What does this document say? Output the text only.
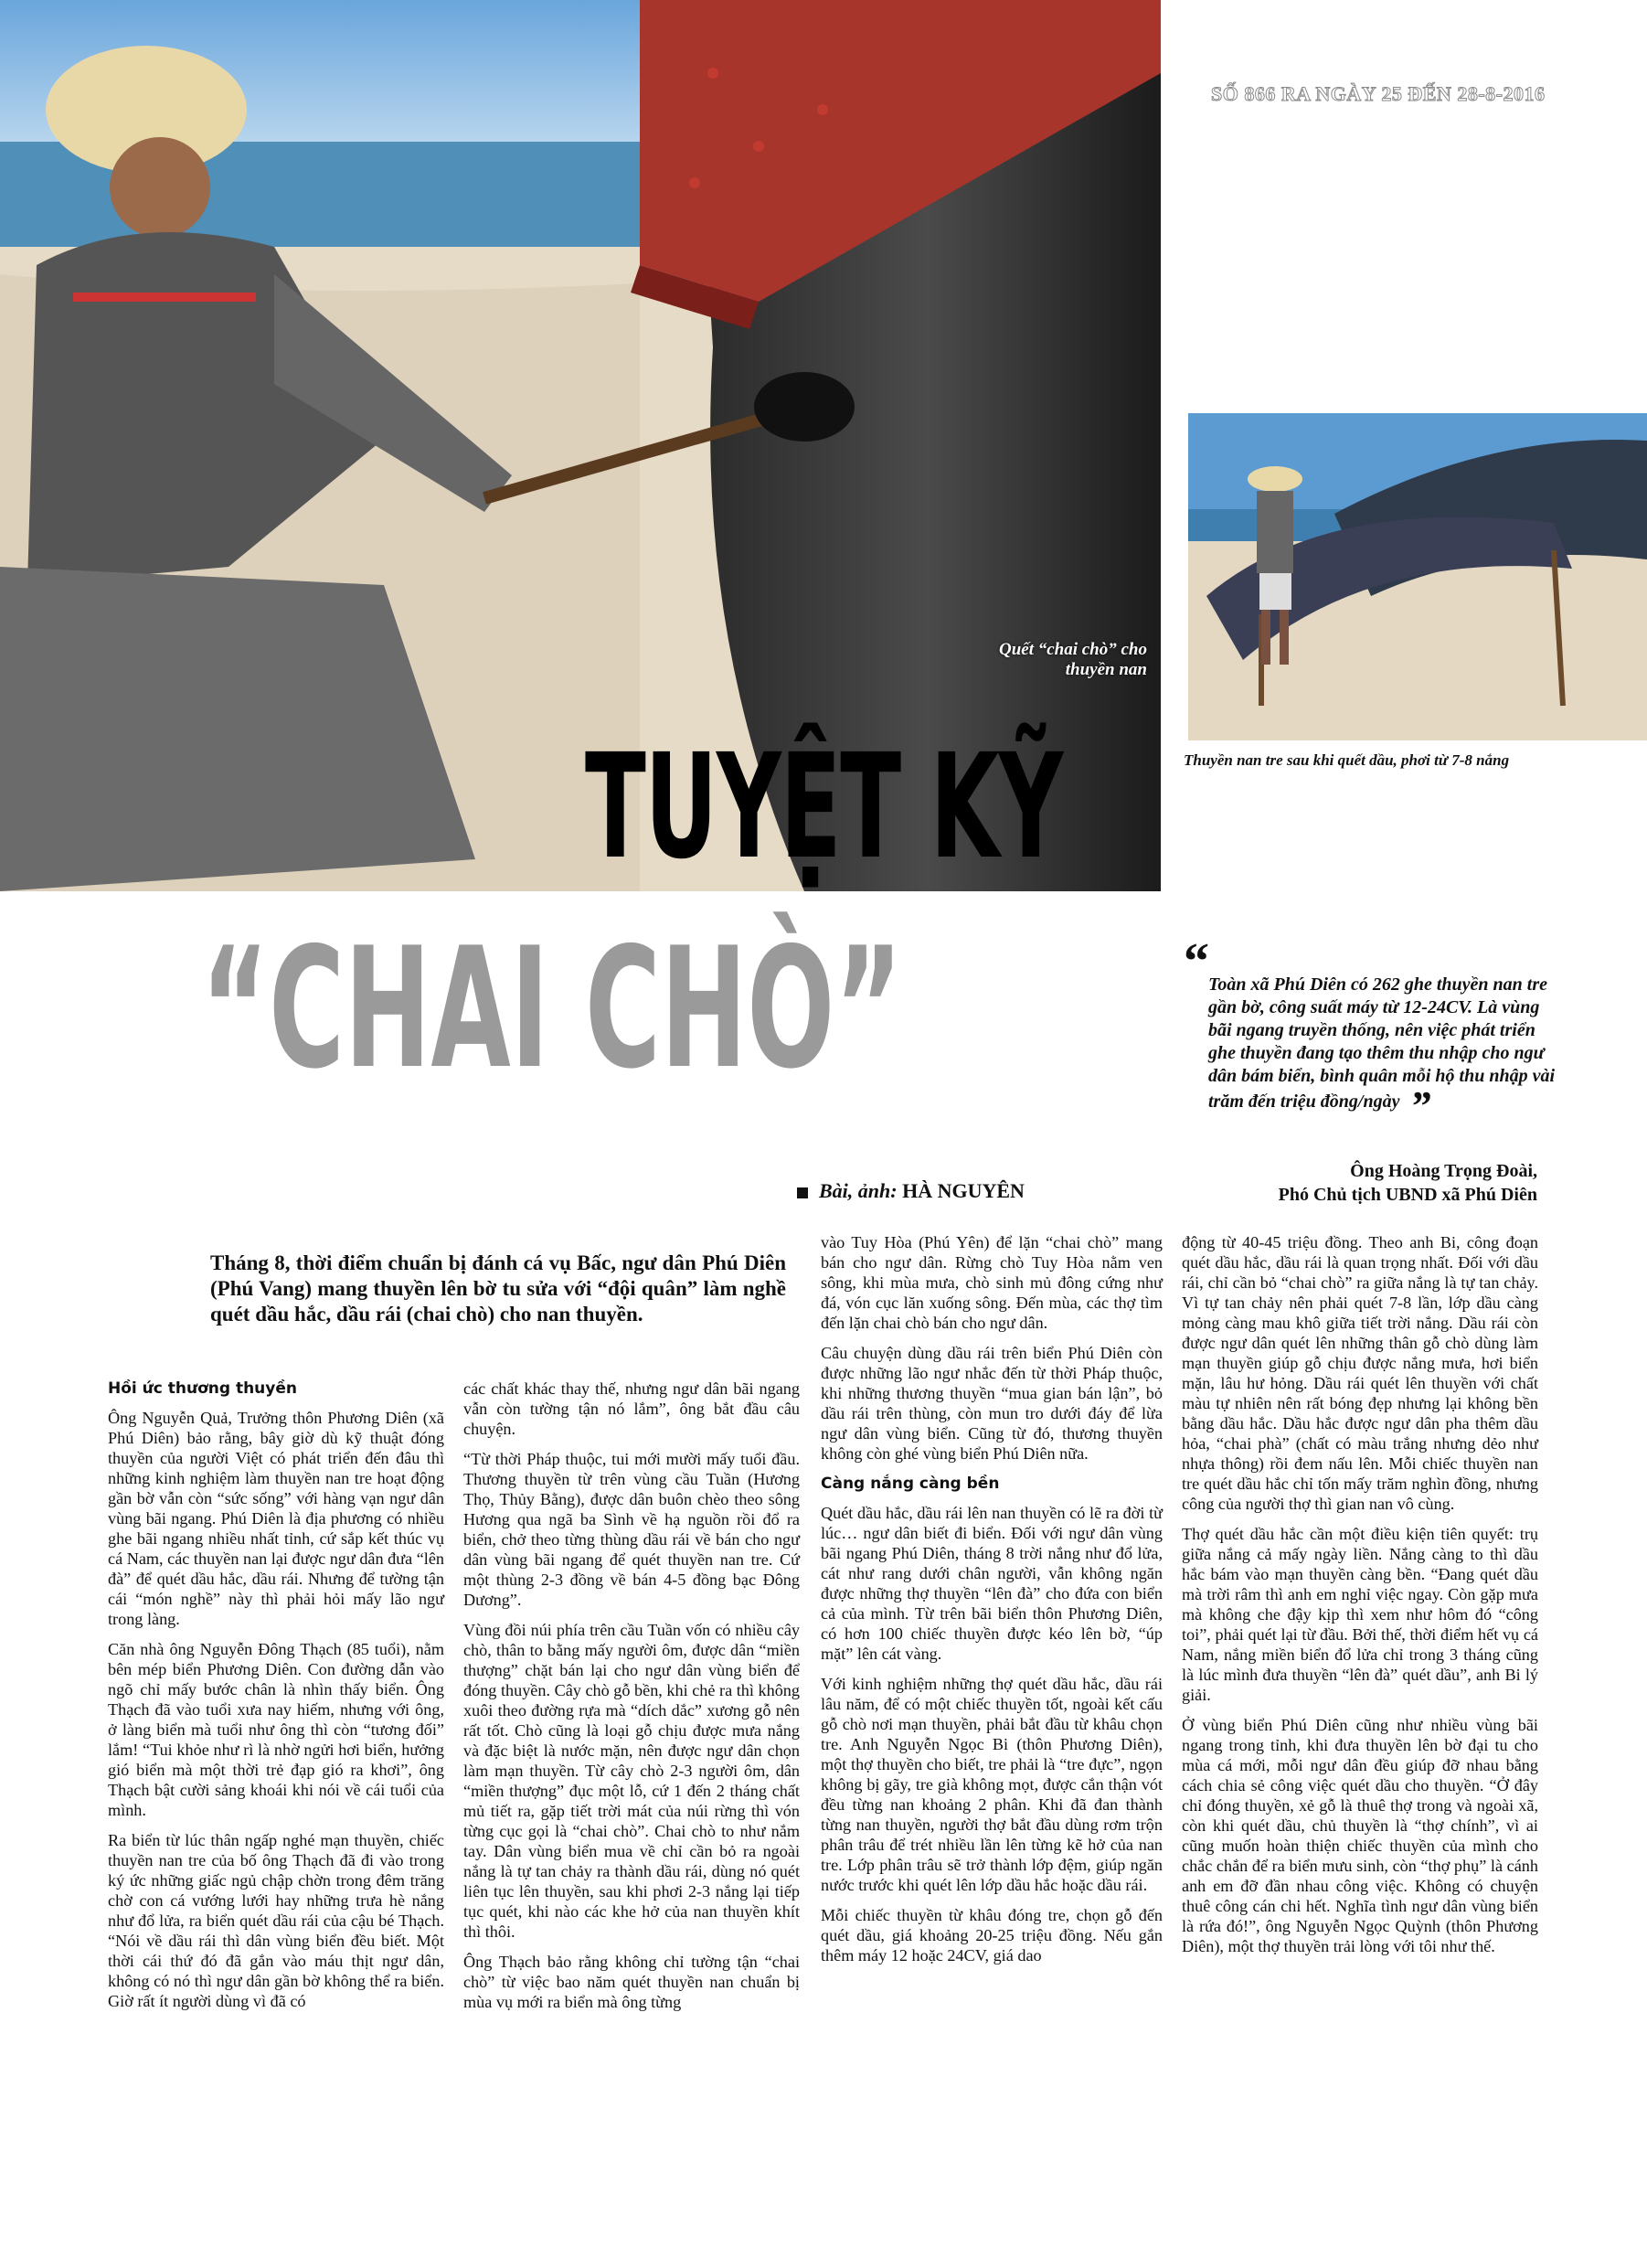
SỐ 866 RA NGÀY 25 ĐẾN 28-8-2016
Quết “chai chò” cho thuyền nan
Thuyền nan tre sau khi quết dầu, phơi từ 7-8 nắng
TUYỆT KỸ
“CHAI CHÒ”	“ Toàn xã Phú Diên có 262 ghe thuyền nan tre gần bờ, công suất máy từ 12-24CV. Là vùng bãi ngang truyền thống, nên việc phát triển ghe thuyền đang tạo thêm thu nhập cho ngư dân bám biển, bình quân mỗi hộ thu nhập vài trăm đến triệu đồng/ngày ”
Ông Hoàng Trọng Đoài,
Phó Chủ tịch UBND xã Phú Diên
Bài, ảnh: HÀ NGUYÊN
Tháng 8, thời điểm chuẩn bị đánh cá vụ Bấc, ngư dân Phú Diên (Phú Vang) mang thuyền lên bờ tu sửa với “đội quân” làm nghề quét dầu hắc, dầu rái (chai chò) cho nan thuyền.
Hồi ức thương thuyền

Ông Nguyễn Quả, Trưởng thôn Phương Diên (xã Phú Diên) bảo rằng, bây giờ dù kỹ thuật đóng thuyền của người Việt có phát triển đến đâu thì những kinh nghiệm làm thuyền nan tre hoạt động gần bờ vẫn còn “sức sống” với hàng vạn ngư dân vùng bãi ngang. Phú Diên là địa phương có nhiều ghe bãi ngang nhiều nhất tỉnh, cứ sắp kết thúc vụ cá Nam, các thuyền nan lại được ngư dân đưa “lên đà” để quét dầu hắc, dầu rái. Nhưng để tường tận cái “món nghề” này thì phải hỏi mấy lão ngư trong làng.

Căn nhà ông Nguyễn Đông Thạch (85 tuổi), nằm bên mép biển Phương Diên. Con đường dẫn vào ngõ chỉ mấy bước chân là nhìn thấy biển. Ông Thạch đã vào tuổi xưa nay hiếm, nhưng với ông, ở làng biển mà tuổi như ông thì còn “tương đối” lắm! “Tui khỏe như rì là nhờ ngửi hơi biển, hưởng gió biển mà một thời trẻ đạp gió ra khơi”, ông Thạch bật cười sảng khoái khi nói về cái tuổi của mình.

Ra biển từ lúc thân ngấp nghé mạn thuyền, chiếc thuyền nan tre của bố ông Thạch đã đi vào trong ký ức những giấc ngủ chập chờn trong đêm trăng chờ con cá vướng lưới hay những trưa hè nắng như đổ lửa, ra biển quét dầu rái của cậu bé Thạch. “Nói về dầu rái thì dân vùng biển đều biết. Một thời cái thứ đó đã gắn vào máu thịt ngư dân, không có nó thì ngư dân gần bờ không thể ra biển. Giờ rất ít người dùng vì đã có

các chất khác thay thế, nhưng ngư dân bãi ngang vẫn còn tường tận nó lắm”, ông bắt đầu câu chuyện.

“Từ thời Pháp thuộc, tui mới mười mấy tuổi đầu. Thương thuyền từ trên vùng cầu Tuần (Hương Thọ, Thủy Bằng), được dân buôn chèo theo sông Hương qua ngã ba Sình về hạ nguồn rồi đổ ra biển, chở theo từng thùng dầu rái về bán cho ngư dân vùng bãi ngang để quét thuyền nan tre. Cứ một thùng 2-3 đồng về bán 4-5 đồng bạc Đông Dương”.

Vùng đồi núi phía trên cầu Tuần vốn có nhiều cây chò, thân to bằng mấy người ôm, được dân “miền thượng” chặt bán lại cho ngư dân vùng biển để đóng thuyền. Cây chò gỗ bền, khi chẻ ra thì không xuôi theo đường rựa mà “dích dắc” xương gỗ nên rất tốt. Chò cũng là loại gỗ chịu được mưa nắng và đặc biệt là nước mặn, nên được ngư dân chọn làm mạn thuyền. Từ cây chò 2-3 người ôm, dân “miền thượng” đục một lỗ, cứ 1 đến 2 tháng chất mủ tiết ra, gặp tiết trời mát của núi rừng thì vón từng cục gọi là “chai chò”. Chai chò to như nắm tay. Dân vùng biển mua về chỉ cần bỏ ra ngoài nắng là tự tan chảy ra thành dầu rái, dùng nó quét liên tục lên thuyền, sau khi phơi 2-3 nắng lại tiếp tục quét, khi nào các khe hở của nan thuyền khít thì thôi.

Ông Thạch bảo rằng không chỉ tường tận “chai chò” từ việc bao năm quét thuyền nan chuẩn bị mùa vụ mới ra biển mà ông từng

vào Tuy Hòa (Phú Yên) để lặn “chai chò” mang bán cho ngư dân. Rừng chò Tuy Hòa nằm ven sông, khi mùa mưa, chò sinh mủ đông cứng như đá, vón cục lăn xuống sông. Đến mùa, các thợ tìm đến lặn chai chò bán cho ngư dân.

Câu chuyện dùng dầu rái trên biển Phú Diên còn được những lão ngư nhắc đến từ thời Pháp thuộc, khi những thương thuyền “mua gian bán lận”, bỏ dầu rái trên thùng, còn mun tro dưới đáy để lừa ngư dân vùng biển. Cũng từ đó, thương thuyền không còn ghé vùng biển Phú Diên nữa.

Càng nắng càng bền

Quét dầu hắc, dầu rái lên nan thuyền có lẽ ra đời từ lúc… ngư dân biết đi biển. Đối với ngư dân vùng bãi ngang Phú Diên, tháng 8 trời nắng như đổ lửa, cát như rang dưới chân người, vẫn không ngăn được những thợ thuyền “lên đà” cho đứa con biển cả của mình. Từ trên bãi biển thôn Phương Diên, có hơn 100 chiếc thuyền được kéo lên bờ, “úp mặt” lên cát vàng.

Với kinh nghiệm những thợ quét dầu hắc, dầu rái lâu năm, để có một chiếc thuyền tốt, ngoài kết cấu gỗ chò nơi mạn thuyền, phải bắt đầu từ khâu chọn tre. Anh Nguyễn Ngọc Bi (thôn Phương Diên), một thợ thuyền cho biết, tre phải là “tre đực”, ngọn không bị gãy, tre già không mọt, được cắn thận vót đều từng nan khoảng 2 phân. Khi đã đan thành từng nan thuyền, người thợ bắt đầu dùng rơm trộn phân trâu để trét nhiều lần lên từng kẽ hở của nan tre. Lớp phân trâu sẽ trở thành lớp đệm, giúp ngăn nước trước khi quét lên lớp dầu hắc hoặc dầu rái.

Mỗi chiếc thuyền từ khâu đóng tre, chọn gỗ đến quét dầu, giá khoảng 20-25 triệu đồng. Nếu gắn thêm máy 12 hoặc 24CV, giá dao

động từ 40-45 triệu đồng. Theo anh Bi, công đoạn quét dầu hắc, dầu rái là quan trọng nhất. Đối với dầu rái, chỉ cần bỏ “chai chò” ra giữa nắng là tự tan chảy. Vì tự tan chảy nên phải quét 7-8 lần, lớp dầu càng mỏng càng mau khô giữa tiết trời nắng. Dầu rái còn được ngư dân quét lên những thân gỗ chò dùng làm mạn thuyền giúp gỗ chịu được nắng mưa, hơi biển mặn, lâu hư hỏng. Dầu rái quét lên thuyền với chất màu tự nhiên nên rất bóng đẹp nhưng lại không bền bằng dầu hắc. Dầu hắc được ngư dân pha thêm dầu hỏa, “chai phà” (chất có màu trắng nhưng dẻo như nhựa thông) rồi đem nấu lên. Mỗi chiếc thuyền nan tre quét dầu hắc chỉ tốn mấy trăm nghìn đồng, nhưng công của người thợ thì gian nan vô cùng.

Thợ quét dầu hắc cần một điều kiện tiên quyết: trụ giữa nắng cả mấy ngày liền. Nắng càng to thì dầu hắc bám vào mạn thuyền càng bền. “Đang quét dầu mà trời râm thì anh em nghỉ việc ngay. Còn gặp mưa mà không che đậy kịp thì xem như hôm đó “công toi”, phải quét lại từ đầu. Bởi thế, thời điểm hết vụ cá Nam, nắng miền biển đổ lửa chỉ trong 3 tháng cũng là lúc mình đưa thuyền “lên đà” quét dầu”, anh Bi lý giải.

Ở vùng biển Phú Diên cũng như nhiều vùng bãi ngang trong tỉnh, khi đưa thuyền lên bờ đại tu cho mùa cá mới, mỗi ngư dân đều giúp đỡ nhau bằng cách chia sẻ công việc quét dầu cho thuyền. “Ở đây chỉ đóng thuyền, xẻ gỗ là thuê thợ trong và ngoài xã, còn khi quét dầu, chủ thuyền là “thợ chính”, vì ai cũng muốn hoàn thiện chiếc thuyền của mình cho chắc chắn để ra biển mưu sinh, còn “thợ phụ” là cánh anh em đỡ đần nhau công việc. Không có chuyện thuê công cán chi hết. Nghĩa tình ngư dân vùng biển là rứa đó!”, ông Nguyễn Ngọc Quỳnh (thôn Phương Diên), một thợ thuyền trải lòng với tôi như thế.
